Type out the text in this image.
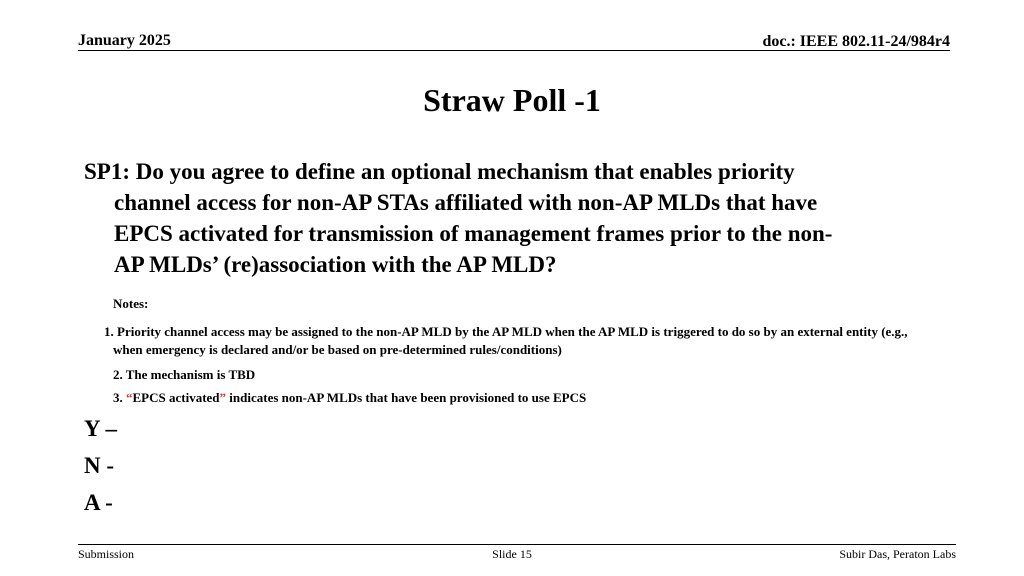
January 2025	doc.: IEEE 802.11-24/984r4
Straw Poll -1
SP1: Do you agree to define an optional mechanism that enables priority
channel access for non-AP STAs affiliated with non-AP MLDs that have
EPCS activated for transmission of management frames prior to the non-
AP MLDs’ (re)association with the AP MLD?
Notes:
1. Priority channel access may be assigned to the non-AP MLD by the AP MLD when the AP MLD is triggered to do so by an external entity (e.g., when emergency is declared and/or be based on pre-determined rules/conditions)
2. The mechanism is TBD
3. “EPCS activated” indicates non-AP MLDs that have been provisioned to use EPCS
Y –
N -
A -
Submission	Slide 15	Subir Das, Peraton Labs
